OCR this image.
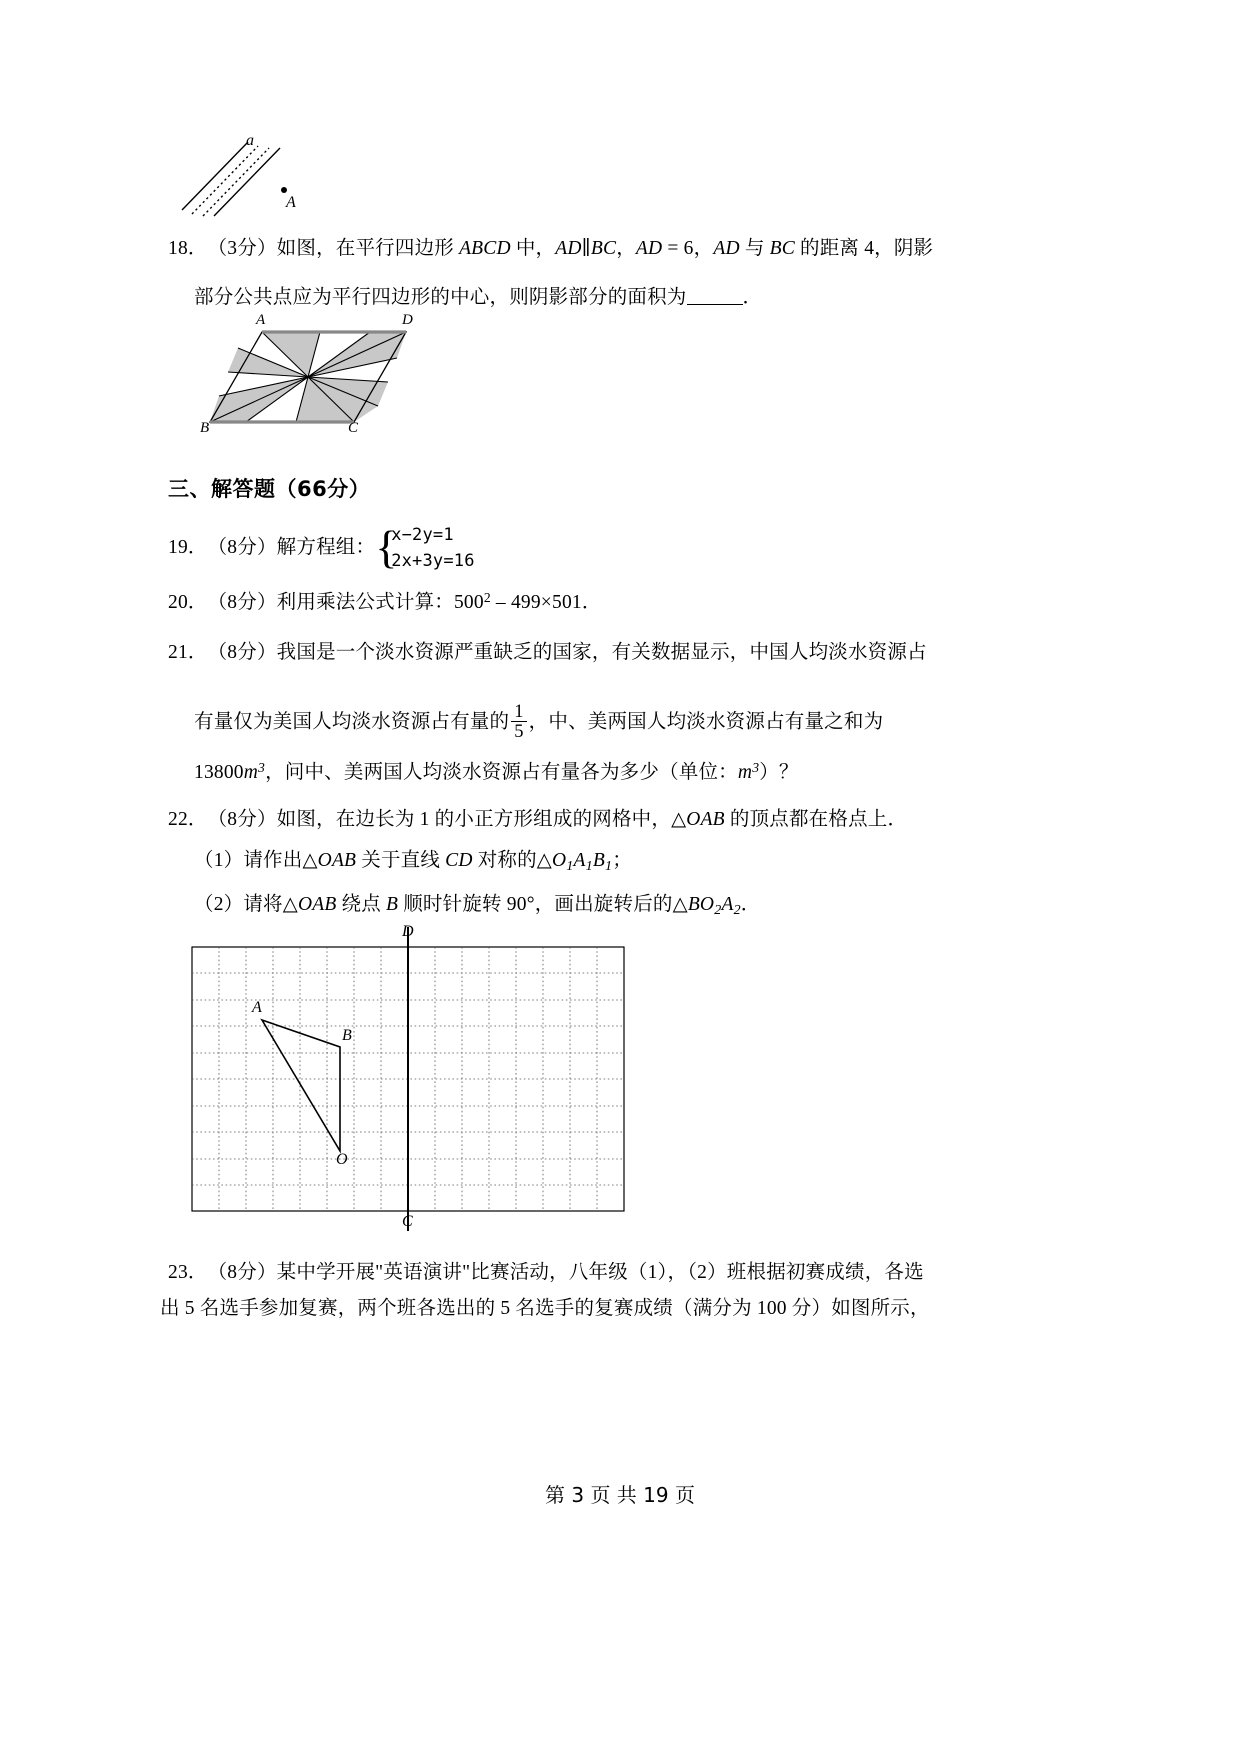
a
A
18．（3分）如图，在平行四边形 ABCD 中，AD∥BC，AD = 6，AD 与 BC 的距离 4，阴影
部分公共点应为平行四边形的中心，则阴影部分的面积为	．
A	D
B	C
三、解答题（66分）
19．（8分）解方程组： {
x−2y=1
2x+3y=16
20．（8分）利用乘法公式计算：$500^2 - 499\times 501$．
21．（8分）我国是一个淡水资源严重缺乏的国家，有关数据显示，中国人均淡水资源占
有量仅为美国人均淡水资源占有量的 $\frac{1}{5}$ ，中、美两国人均淡水资源占有量之和为
$13800m^3$，问中、美两国人均淡水资源占有量各为多少（单位：$m^3$）？
22．（8分）如图，在边长为 1 的小正方形组成的网格中，△OAB 的顶点都在格点上．
（1）请作出△OAB 关于直线 CD 对称的$\triangle O_1A_1B_1$；
（2）请将△OAB 绕点 B 顺时针旋转 90°，画出旋转后的$\triangle BO_2A_2$．
D
C
A
B
O
23．（8分）某中学开展"英语演讲"比赛活动，八年级（1），（2）班根据初赛成绩，各选
出 5 名选手参加复赛，两个班各选出的 5 名选手的复赛成绩（满分为 100 分）如图所示，
第 3 页 共 19 页
